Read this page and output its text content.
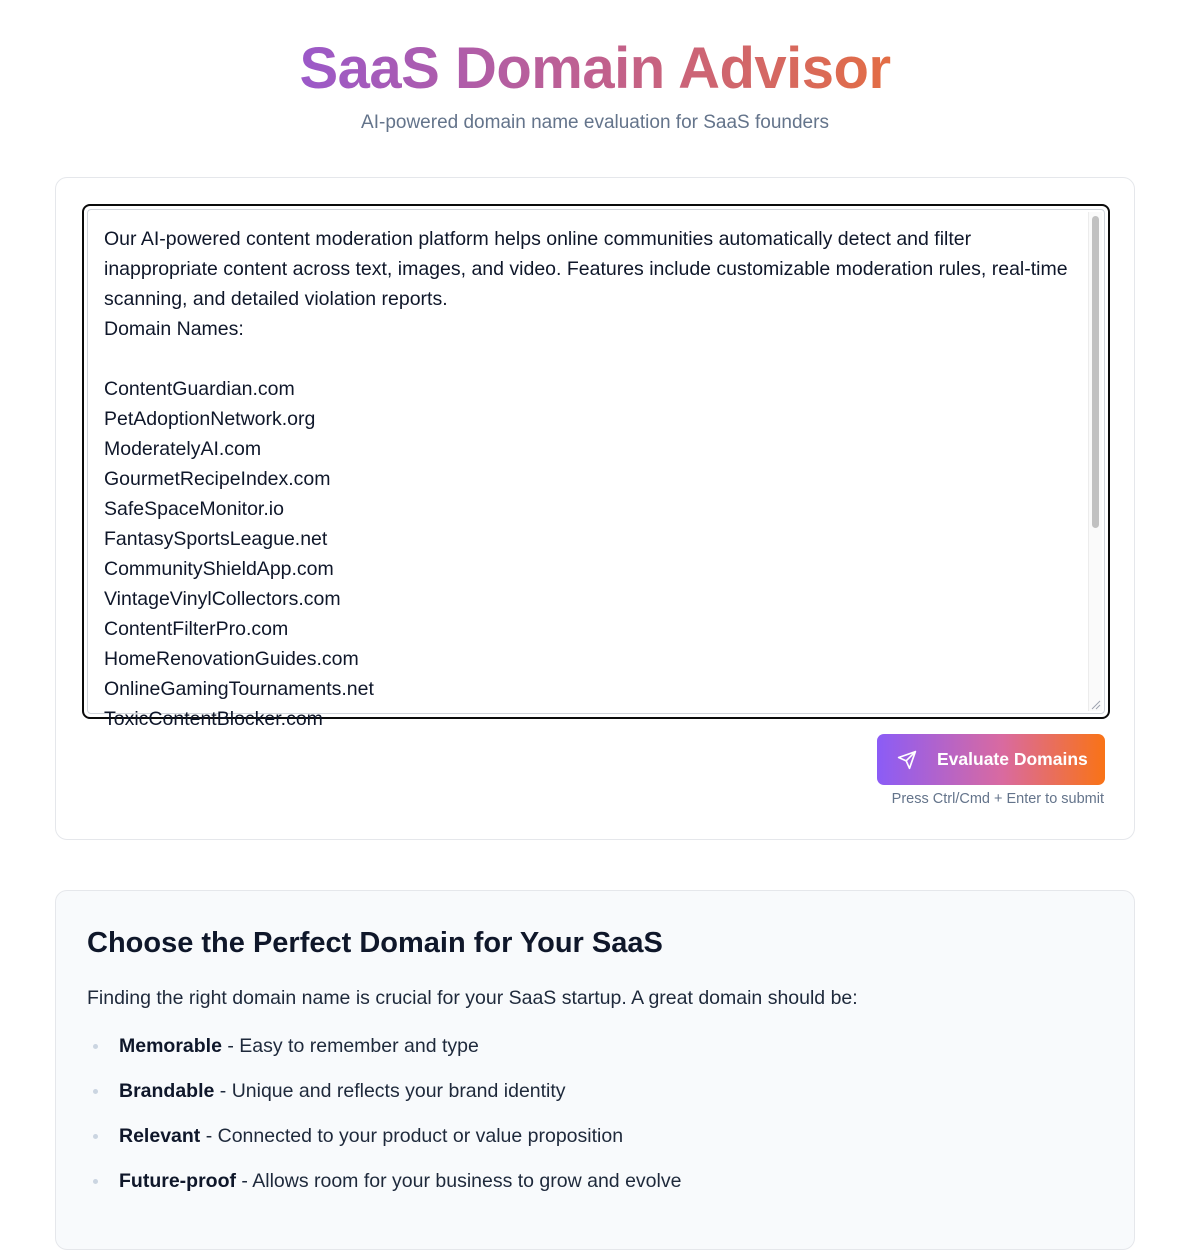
SaaS Domain Advisor

AI-powered domain name evaluation for SaaS founders

Our AI-powered content moderation platform helps online communities automatically detect and filter inappropriate content across text, images, and video. Features include customizable moderation rules, real-time scanning, and detailed violation reports.
Domain Names:

ContentGuardian.com
PetAdoptionNetwork.org
ModeratelyAI.com
GourmetRecipeIndex.com
SafeSpaceMonitor.io
FantasySportsLeague.net
CommunityShieldApp.com
VintageVinylCollectors.com
ContentFilterPro.com
HomeRenovationGuides.com
OnlineGamingTournaments.net
ToxicContentBlocker.com
Evaluate Domains
Press Ctrl/Cmd + Enter to submit
Choose the Perfect Domain for Your SaaS

Finding the right domain name is crucial for your SaaS startup. A great domain should be:

Memorable - Easy to remember and type
Brandable - Unique and reflects your brand identity
Relevant - Connected to your product or value proposition
Future-proof - Allows room for your business to grow and evolve
